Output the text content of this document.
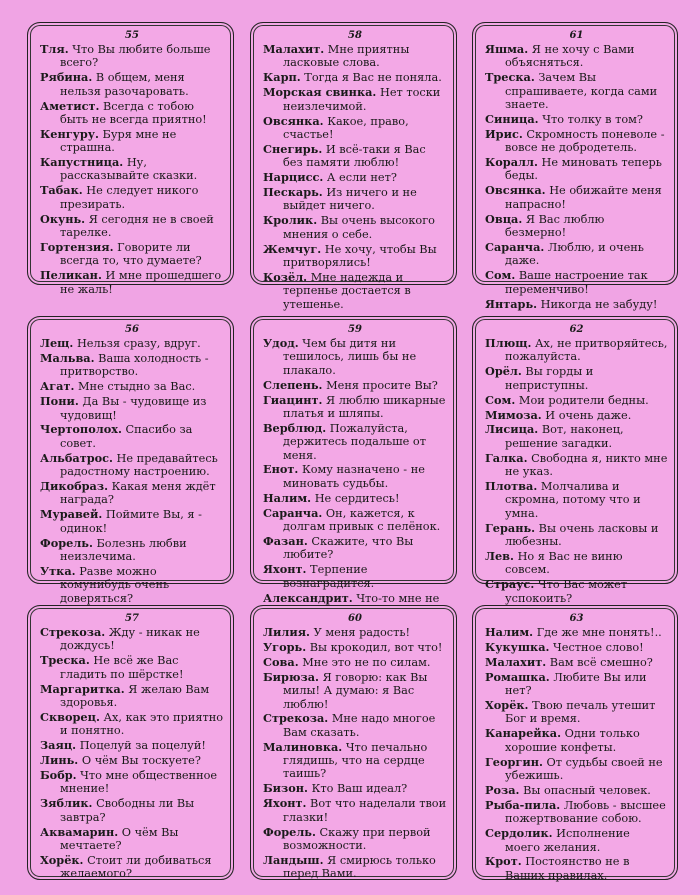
55

Тля. Что Вы любите больше всего?

Рябина. В общем, меня нельзя разочаровать.

Аметист. Всегда с тобою быть не всегда приятно!

Кенгуру. Буря мне не страшна.

Капустница. Ну, рассказывайте сказки.

Табак. Не следует никого презирать.

Окунь. Я сегодня не в своей тарелке.

Гортензия. Говорите ли всегда то, что думаете?

Пеликан. И мне прошедшего не жаль!

58

Малахит. Мне приятны ласковые слова.

Карп. Тогда я Вас не поняла.

Морская свинка. Нет тоски неизлечимой.

Овсянка. Какое, право, счастье!

Снегирь. И всё-таки я Вас без памяти люблю!

Нарцисс. А если нет?

Пескарь. Из ничего и не выйдет ничего.

Кролик. Вы очень высокого мнения о себе.

Жемчуг. Не хочу, чтобы Вы притворялись!

Козёл. Мне надежда и терпенье достается в утешенье.

61

Яшма. Я не хочу с Вами объясняться.

Треска. Зачем Вы спрашиваете, когда сами знаете.

Синица. Что толку в том?

Ирис. Скромность поневоле - вовсе не добродетель.

Коралл. Не миновать теперь беды.

Овсянка. Не обижайте меня напрасно!

Овца. Я Вас люблю безмерно!

Саранча. Люблю, и очень даже.

Сом. Ваше настроение так переменчиво!

Янтарь. Никогда не забуду!

56

Лещ. Нельзя сразу, вдруг.

Мальва. Ваша холодность - притворство.

Агат. Мне стыдно за Вас.

Пони. Да Вы - чудовище из чудовищ!

Чертополох. Спасибо за совет.

Альбатрос. Не предавайтесь радостному настроению.

Дикобраз. Какая меня ждёт награда?

Муравей. Поймите Вы, я - одинок!

Форель. Болезнь любви неизлечима.

Утка. Разве можно комунибудь очень доверяться?

59

Удод. Чем бы дитя ни тешилось, лишь бы не плакало.

Слепень. Меня просите Вы?

Гиацинт. Я люблю шикарные платья и шляпы.

Верблюд. Пожалуйста, держитесь подальше от меня.

Енот. Кому назначено - не миновать судьбы.

Налим. Не сердитесь!

Саранча. Он, кажется, к долгам привык с пелёнок.

Фазан. Скажите, что Вы любите?

Яхонт. Терпение вознаградится.

Александрит. Что-то мне не

62

Плющ. Ах, не притворяйтесь, пожалуйста.

Орёл. Вы горды и неприступны.

Сом. Мои родители бедны.

Мимоза. И очень даже.

Лисица. Вот, наконец, решение загадки.

Галка. Свободна я, никто мне не указ.

Плотва. Молчалива и скромна, потому что и умна.

Герань. Вы очень ласковы и любезны.

Лев. Но я Вас не виню совсем.

Страус. Что Вас может успокоить?

57

Стрекоза. Жду - никак не дождусь!

Треска. Не всё же Вас гладить по шёрстке!

Маргаритка. Я желаю Вам здоровья.

Скворец. Ах, как это приятно и понятно.

Заяц. Поцелуй за поцелуй!

Линь. О чём Вы тоскуете?

Бобр. Что мне общественное мнение!

Зяблик. Свободны ли Вы завтра?

Аквамарин. О чём Вы мечтаете?

Хорёк. Стоит ли добиваться желаемого?

60

Лилия. У меня радость!

Угорь. Вы крокодил, вот что!

Сова. Мне это не по силам.

Бирюза. Я говорю: как Вы милы! А думаю: я Вас люблю!

Стрекоза. Мне надо многое Вам сказать.

Малиновка. Что печально глядишь, что на сердце таишь?

Бизон. Кто Ваш идеал?

Яхонт. Вот что наделали твои глазки!

Форель. Скажу при первой возможности.

Ландыш. Я смирюсь только перед Вами.

63

Налим. Где же мне понять!..

Кукушка. Честное слово!

Малахит. Вам всё смешно?

Ромашка. Любите Вы или нет?

Хорёк. Твою печаль утешит Бог и время.

Канарейка. Одни только хорошие конфеты.

Георгин. От судьбы своей не убежишь.

Роза. Вы опасный человек.

Рыба-пила. Любовь - высшее пожертвование собою.

Сердолик. Исполнение моего желания.

Крот. Постоянство не в Ваших правилах.
